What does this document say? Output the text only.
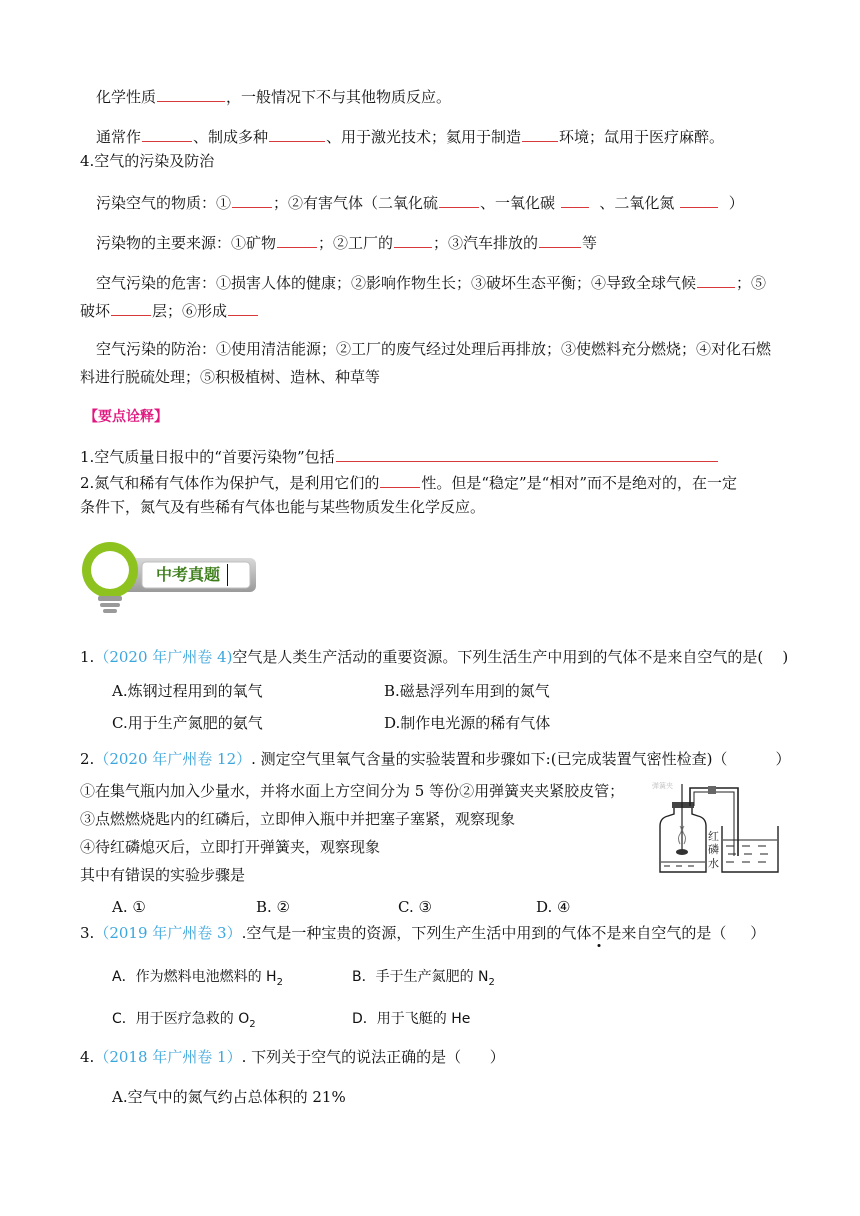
化学性质	，一般情况下不与其他物质反应。
通常作	、制成多种	、用于激光技术；氦用于制造	环境；氙用于医疗麻醉。
4.空气的污染及防治
污染空气的物质：①	；②有害气体（二氧化硫	、一氧化碳	、二氧化氮	）
污染物的主要来源：①矿物	；②工厂的	；③汽车排放的	等
空气污染的危害：①损害人体的健康；②影响作物生长；③破坏生态平衡；④导致全球气候	；⑤
破坏	层；⑥形成
空气污染的防治：①使用清洁能源；②工厂的废气经过处理后再排放；③使燃料充分燃烧；④对化石燃
料进行脱硫处理；⑤积极植树、造林、种草等
【要点诠释】
1.空气质量日报中的“首要污染物”包括
2.氮气和稀有气体作为保护气，是利用它们的	性。但是“稳定”是“相对”而不是绝对的，在一定
条件下，氮气及有些稀有气体也能与某些物质发生化学反应。
中考真题
1.（2020 年广州卷 4)空气是人类生产活动的重要资源。下列生活生产中用到的气体不是来自空气的是( )
A.炼钢过程用到的氧气	B.磁悬浮列车用到的氮气
C.用于生产氮肥的氨气	D.制作电光源的稀有气体
2.（2020 年广州卷 12）. 测定空气里氧气含量的实验装置和步骤如下:(已完成装置气密性检查)（	）
①在集气瓶内加入少量水，并将水面上方空间分为 5 等份②用弹簧夹夹紧胶皮管；
③点燃燃烧匙内的红磷后，立即伸入瓶中并把塞子塞紧，观察现象
④待红磷熄灭后，立即打开弹簧夹，观察现象
其中有错误的实验步骤是
A. ①	B. ②	C. ③	D. ④
红
磷
水
弹簧夹
3.（2019 年广州卷 3）.空气是一种宝贵的资源，下列生产生活中用到的气体不是来自空气的是（ ）
A．作为燃料电池燃料的 $H_2$	B．手于生产氮肥的 $N_2$
C．用于医疗急救的 $O_2$	D．用于飞艇的 He
4.（2018 年广州卷 1）. 下列关于空气的说法正确的是（ ）
A.空气中的氮气约占总体积的 21%
